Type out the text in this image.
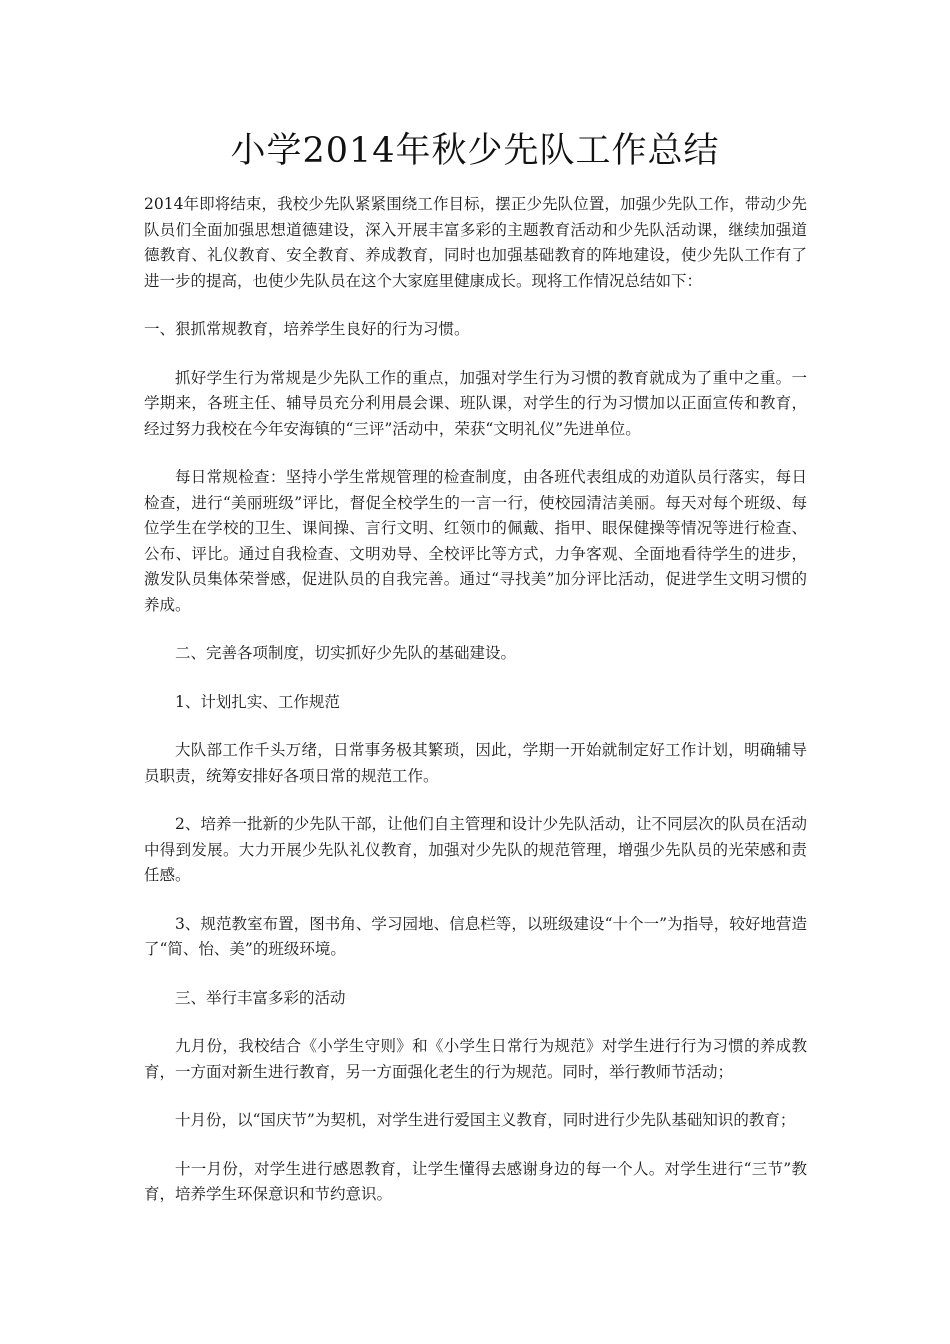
小学2014年秋少先队工作总结

2014年即将结束，我校少先队紧紧围绕工作目标，摆正少先队位置，加强少先队工作，带动少先队员们全面加强思想道德建设，深入开展丰富多彩的主题教育活动和少先队活动课，继续加强道德教育、礼仪教育、安全教育、养成教育，同时也加强基础教育的阵地建设，使少先队工作有了进一步的提高，也使少先队员在这个大家庭里健康成长。现将工作情况总结如下：

一、狠抓常规教育，培养学生良好的行为习惯。

抓好学生行为常规是少先队工作的重点，加强对学生行为习惯的教育就成为了重中之重。一学期来，各班主任、辅导员充分利用晨会课、班队课，对学生的行为习惯加以正面宣传和教育，经过努力我校在今年安海镇的“三评”活动中，荣获“文明礼仪”先进单位。

每日常规检查：坚持小学生常规管理的检查制度，由各班代表组成的劝道队员行落实，每日检查，进行“美丽班级”评比，督促全校学生的一言一行，使校园清洁美丽。每天对每个班级、每位学生在学校的卫生、课间操、言行文明、红领巾的佩戴、指甲、眼保健操等情况等进行检查、公布、评比。通过自我检查、文明劝导、全校评比等方式，力争客观、全面地看待学生的进步，激发队员集体荣誉感，促进队员的自我完善。通过“寻找美”加分评比活动，促进学生文明习惯的养成。

二、完善各项制度，切实抓好少先队的基础建设。

1、计划扎实、工作规范

大队部工作千头万绪，日常事务极其繁琐，因此，学期一开始就制定好工作计划，明确辅导员职责，统筹安排好各项日常的规范工作。

2、培养一批新的少先队干部，让他们自主管理和设计少先队活动，让不同层次的队员在活动中得到发展。大力开展少先队礼仪教育，加强对少先队的规范管理，增强少先队员的光荣感和责任感。

3、规范教室布置，图书角、学习园地、信息栏等，以班级建设“十个一”为指导，较好地营造了“简、怡、美”的班级环境。

三、举行丰富多彩的活动

九月份，我校结合《小学生守则》和《小学生日常行为规范》对学生进行行为习惯的养成教育，一方面对新生进行教育，另一方面强化老生的行为规范。同时，举行教师节活动；

十月份，以“国庆节”为契机，对学生进行爱国主义教育，同时进行少先队基础知识的教育；

十一月份，对学生进行感恩教育，让学生懂得去感谢身边的每一个人。对学生进行“三节”教育，培养学生环保意识和节约意识。
